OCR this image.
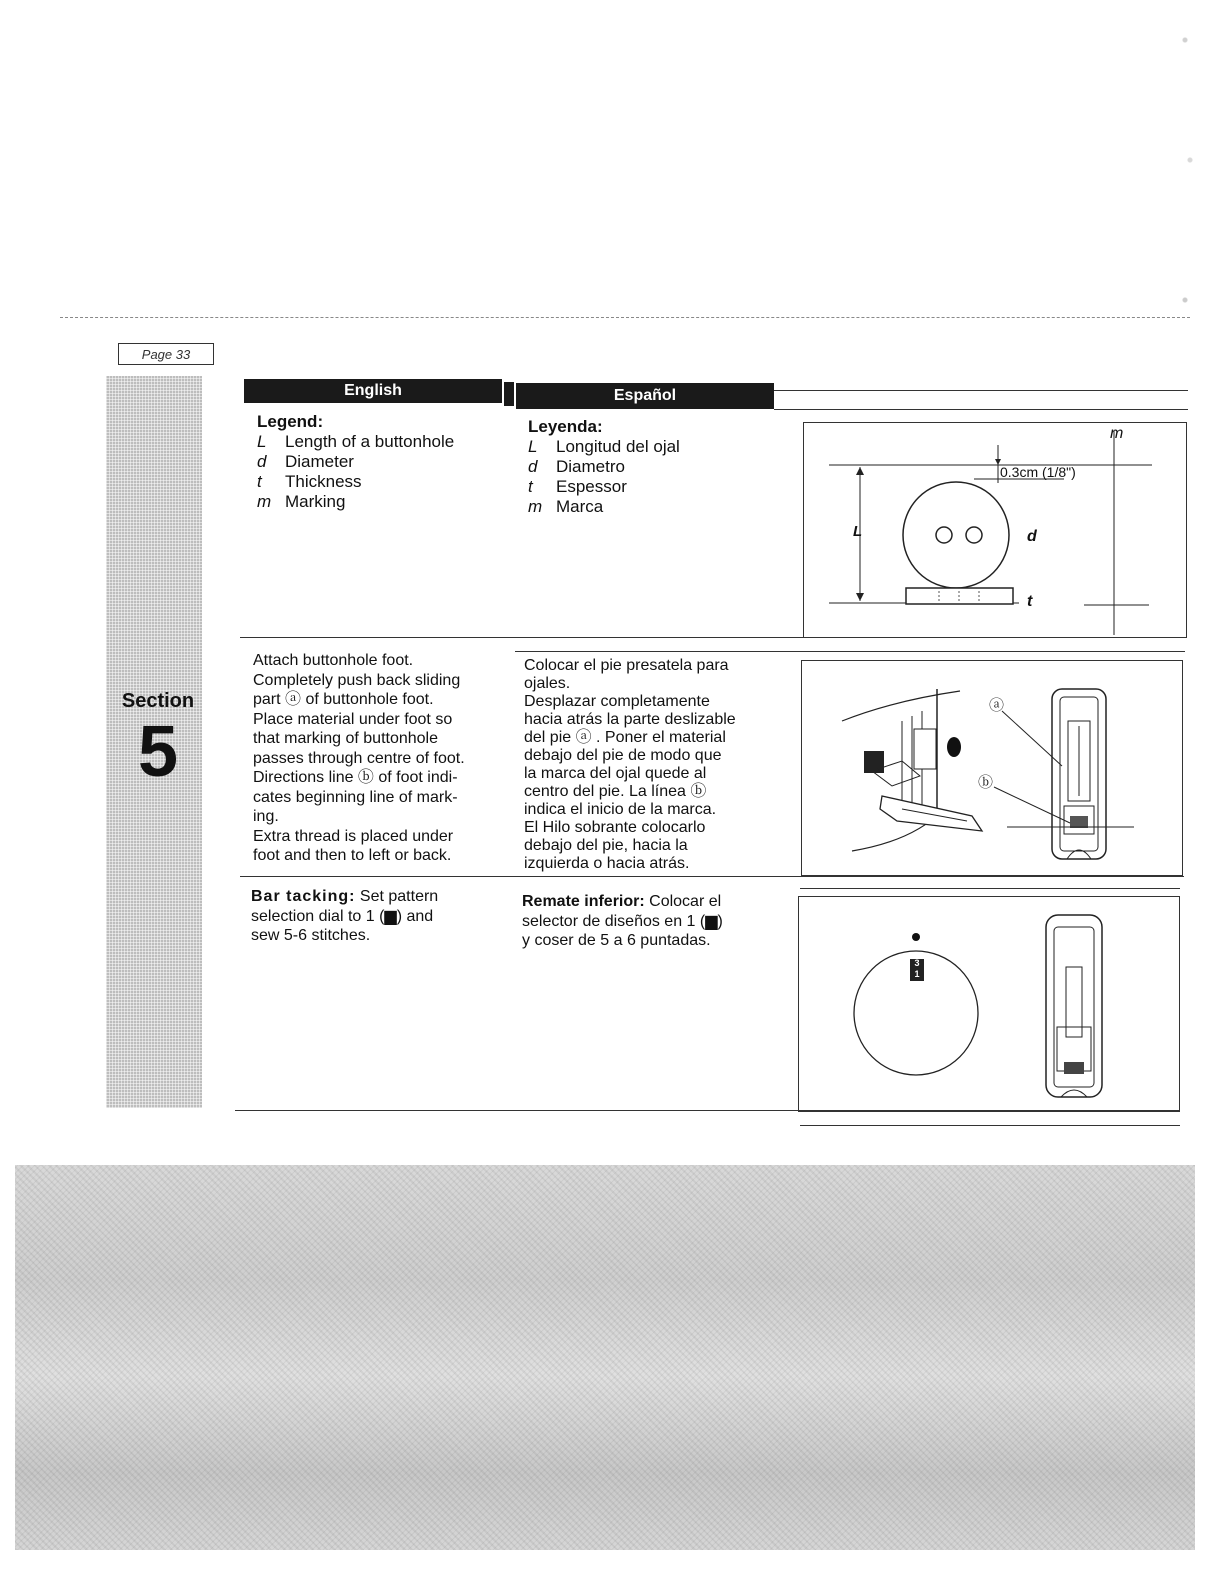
Page 33
Section
5
English	Español
Legend:
L Length of a buttonhole
d Diameter
t Thickness
m Marking
Leyenda:
L Longitud del ojal
d Diametro
t Espessor
m Marca
m
0.3cm (1/8")
L	d
t
Attach buttonhole foot.
Completely push back sliding
part ⓐ of buttonhole foot.
Place material under foot so
that marking of buttonhole
passes through centre of foot.
Directions line ⓑ of foot indi-
cates beginning line of mark-
ing.
Extra thread is placed under
foot and then to left or back.
Colocar el pie presatela para
ojales.
Desplazar completamente
hacia atrás la parte deslizable
del pie ⓐ . Poner el material
debajo del pie de modo que
la marca del ojal quede al
centro del pie. La línea ⓑ
indica el inicio de la marca.
El Hilo sobrante colocarlo
debajo del pie, hacia la
izquierda o hacia atrás.
ⓐ
ⓑ
Bar tacking: Set pattern
selection dial to 1 (▆) and
sew 5-6 stitches.
Remate inferior: Colocar el
selector de diseños en 1 (▆)
y coser de 5 a 6 puntadas.
3
1
